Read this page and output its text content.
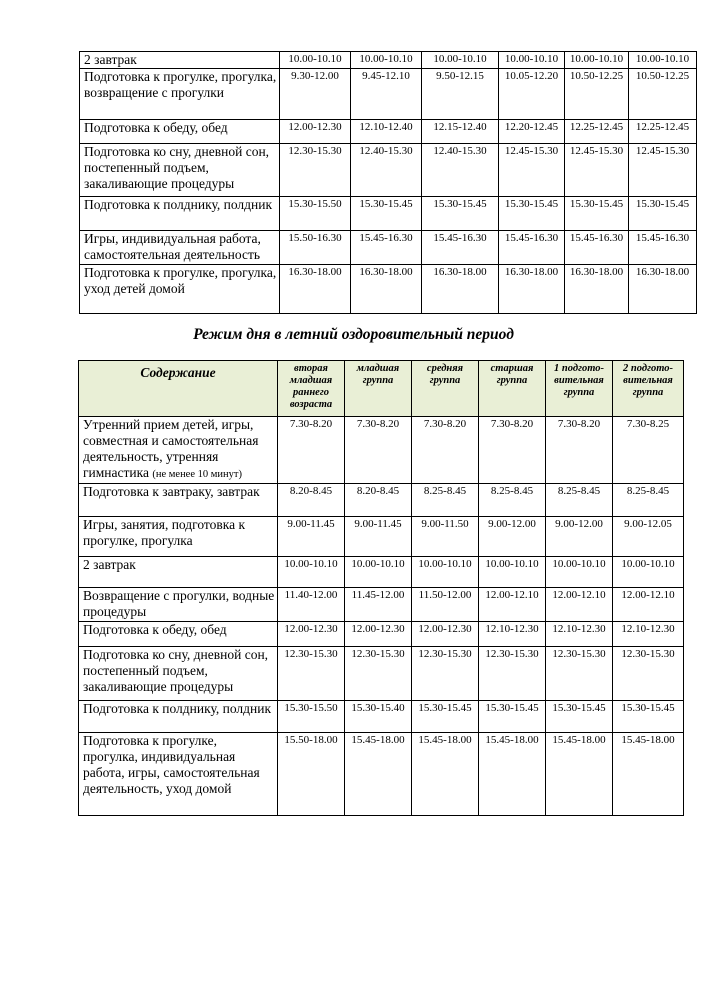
2 завтрак	10.00-10.10	10.00-10.10	10.00-10.10	10.00-10.10	10.00-10.10	10.00-10.10
Подготовка к прогулке, прогулка, возвращение с прогулки	9.30-12.00	9.45-12.10	9.50-12.15	10.05-12.20	10.50-12.25	10.50-12.25
Подготовка к обеду, обед	12.00-12.30	12.10-12.40	12.15-12.40	12.20-12.45	12.25-12.45	12.25-12.45
Подготовка ко сну, дневной сон, постепенный подъем, закаливающие процедуры	12.30-15.30	12.40-15.30	12.40-15.30	12.45-15.30	12.45-15.30	12.45-15.30
Подготовка к полднику, полдник	15.30-15.50	15.30-15.45	15.30-15.45	15.30-15.45	15.30-15.45	15.30-15.45
Игры, индивидуальная работа, самостоятельная деятельность	15.50-16.30	15.45-16.30	15.45-16.30	15.45-16.30	15.45-16.30	15.45-16.30
Подготовка к прогулке, прогулка, уход детей домой	16.30-18.00	16.30-18.00	16.30-18.00	16.30-18.00	16.30-18.00	16.30-18.00
Режим дня в летний оздоровительный период
Содержание	вторая младшая раннего возраста	младшая группа	средняя группа	старшая группа	1 подгото-вительная группа	2 подгото-вительная группа
Утренний прием детей, игры, совместная и самостоятельная деятельность, утренняя гимнастика (не менее 10 минут)	7.30-8.20	7.30-8.20	7.30-8.20	7.30-8.20	7.30-8.20	7.30-8.25
Подготовка к завтраку, завтрак	8.20-8.45	8.20-8.45	8.25-8.45	8.25-8.45	8.25-8.45	8.25-8.45
Игры, занятия, подготовка к прогулке, прогулка	9.00-11.45	9.00-11.45	9.00-11.50	9.00-12.00	9.00-12.00	9.00-12.05
2 завтрак	10.00-10.10	10.00-10.10	10.00-10.10	10.00-10.10	10.00-10.10	10.00-10.10
Возвращение с прогулки, водные процедуры	11.40-12.00	11.45-12.00	11.50-12.00	12.00-12.10	12.00-12.10	12.00-12.10
Подготовка к обеду, обед	12.00-12.30	12.00-12.30	12.00-12.30	12.10-12.30	12.10-12.30	12.10-12.30
Подготовка ко сну, дневной сон, постепенный подъем, закаливающие процедуры	12.30-15.30	12.30-15.30	12.30-15.30	12.30-15.30	12.30-15.30	12.30-15.30
Подготовка к полднику, полдник	15.30-15.50	15.30-15.40	15.30-15.45	15.30-15.45	15.30-15.45	15.30-15.45
Подготовка к прогулке, прогулка, индивидуальная работа, игры, самостоятельная деятельность, уход домой	15.50-18.00	15.45-18.00	15.45-18.00	15.45-18.00	15.45-18.00	15.45-18.00
